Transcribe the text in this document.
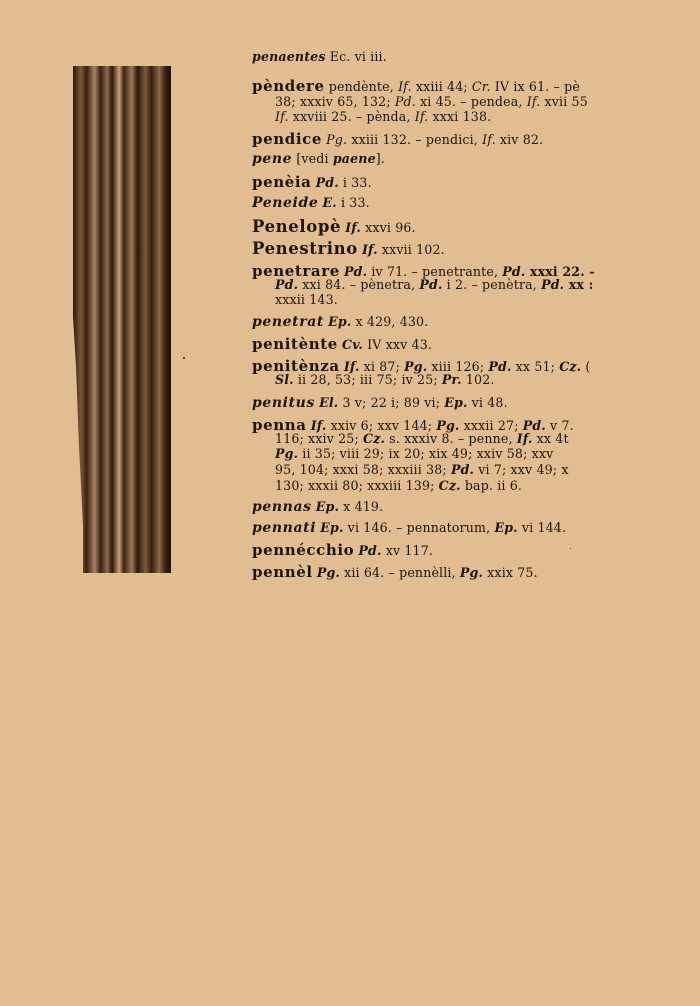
penaentes Ec. vi iii.
pèndere pendènte, If. xxiii 44; Cr. IV ix 61. – pè
38; xxxiv 65, 132; Pd. xi 45. – pendea, If. xvii 55
If. xxviii 25. – pènda, If. xxxi 138.
pendice Pg. xxiii 132. – pendici, If. xiv 82.
pene [vedi paene].
penèia Pd. i 33.
Peneide E. i 33.
Penelopè If. xxvi 96.
Penestrino If. xxvii 102.
penetrare Pd. iv 71. – penetrante, Pd. xxxi 22. -
Pd. xxi 84. – pènetra, Pd. i 2. – penètra, Pd. xx :
xxxii 143.
penetrat Ep. x 429, 430.
penitènte Cv. IV xxv 43.
penitènza If. xi 87; Pg. xiii 126; Pd. xx 51; Cz. (
Sl. ii 28, 53; iii 75; iv 25; Pr. 102.
penitus El. 3 v; 22 i; 89 vi; Ep. vi 48.
penna If. xxiv 6; xxv 144; Pg. xxxii 27; Pd. v 7.
116; xxiv 25; Cz. s. xxxiv 8. – penne, If. xx 4t
Pg. ii 35; viii 29; ix 20; xix 49; xxiv 58; xxv
95, 104; xxxi 58; xxxiii 38; Pd. vi 7; xxv 49; x
130; xxxii 80; xxxiii 139; Cz. bap. ii 6.
pennas Ep. x 419.
pennati Ep. vi 146. – pennatorum, Ep. vi 144.
pennécchio Pd. xv 117.
pennèl Pg. xii 64. – pennèlli, Pg. xxix 75.
